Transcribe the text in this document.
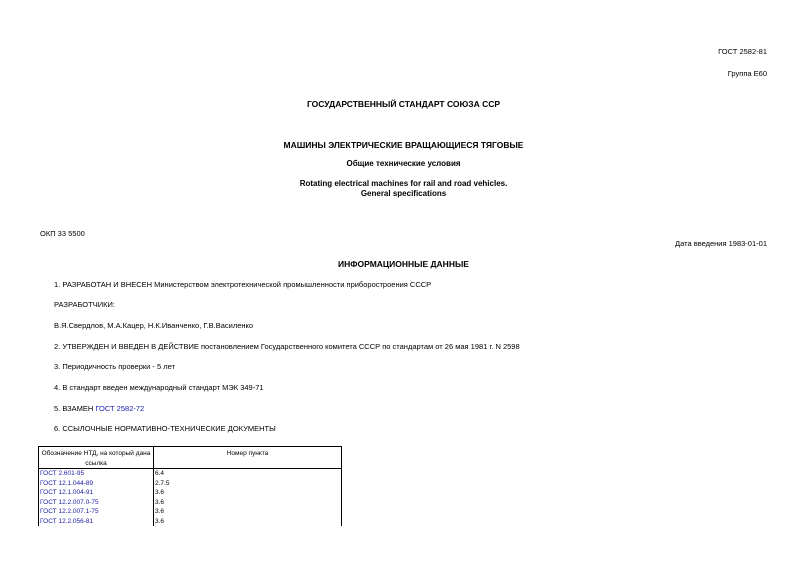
ГОСТ 2582-81
Группа Е60
ГОСУДАРСТВЕННЫЙ СТАНДАРТ СОЮЗА ССР
МАШИНЫ ЭЛЕКТРИЧЕСКИЕ ВРАЩАЮЩИЕСЯ ТЯГОВЫЕ
Общие технические условия
Rotating electrical machines for rail and road vehicles.
General specifications
ОКП 33 5500
Дата введения 1983-01-01
ИНФОРМАЦИОННЫЕ ДАННЫЕ
1. РАЗРАБОТАН И ВНЕСЕН Министерством электротехнической промышленности приборостроения СССР
РАЗРАБОТЧИКИ:
В.Я.Свердлов, М.А.Кацер, Н.К.Иванченко, Г.В.Василенко
2. УТВЕРЖДЕН И ВВЕДЕН В ДЕЙСТВИЕ постановлением Государственного комитета СССР по стандартам от 26 мая 1981 г. N 2598
3. Периодичность проверки - 5 лет
4. В стандарт введен международный стандарт МЭК 349-71
5. ВЗАМЕН ГОСТ 2582-72
6. ССЫЛОЧНЫЕ НОРМАТИВНО-ТЕХНИЧЕСКИЕ ДОКУМЕНТЫ
Обозначение НТД, на который дана ссылка	Номер пункта
ГОСТ 2.601-95	6.4
ГОСТ 12.1.044-89	2.7.5
ГОСТ 12.1.004-91	3.6
ГОСТ 12.2.007.0-75	3.6
ГОСТ 12.2.007.1-75	3.6
ГОСТ 12.2.056-81	3.6
